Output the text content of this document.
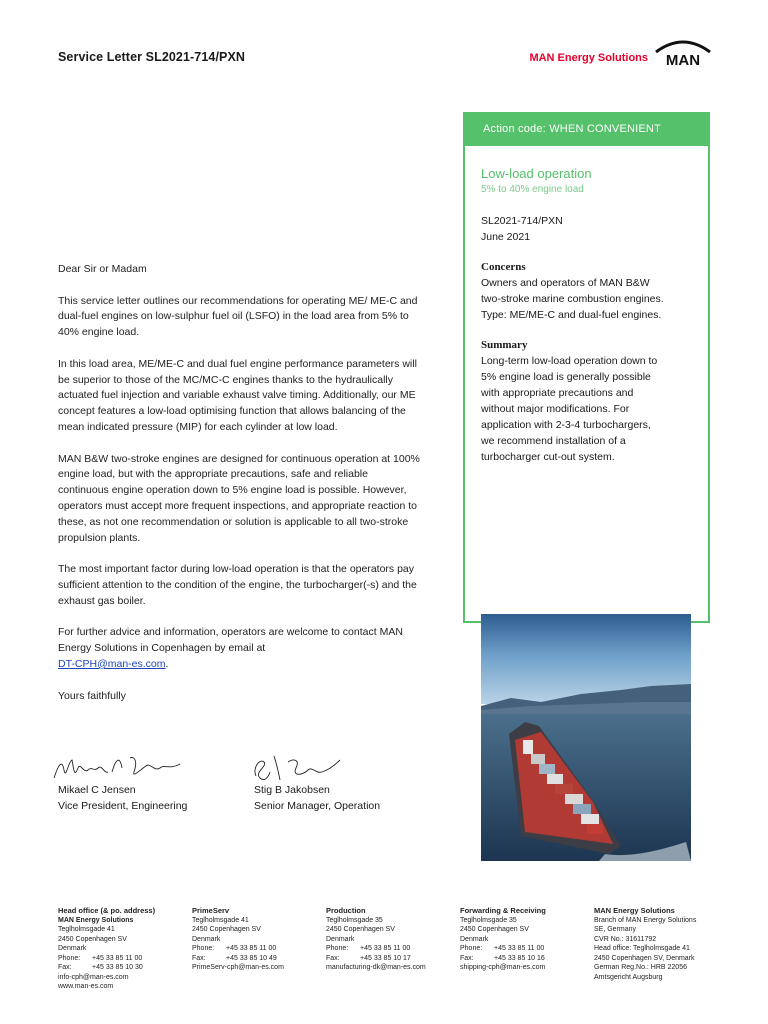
Service Letter SL2021-714/PXN	MAN Energy Solutions MAN
Action code: WHEN CONVENIENT
Low-load operation
5% to 40% engine load
SL2021-714/PXN
June 2021
Concerns
Owners and operators of MAN B&W
two-stroke marine combustion engines.
Type: ME/ME-C and dual-fuel engines.
Summary
Long-term low-load operation down to
5% engine load is generally possible
with appropriate precautions and
without major modifications. For
application with 2-3-4 turbochargers,
we recommend installation of a
turbocharger cut-out system.

Dear Sir or Madam

This service letter outlines our recommendations for operating ME/ ME-C and dual-fuel engines on low-sulphur fuel oil (LSFO) in the load area from 5% to 40% engine load.

In this load area, ME/ME-C and dual fuel engine performance parameters will be superior to those of the MC/MC-C engines thanks to the hydraulically actuated fuel injection and variable exhaust valve timing. Additionally, our ME concept features a low-load optimising function that allows balancing of the mean indicated pressure (MIP) for each cylinder at low load.

MAN B&W two-stroke engines are designed for continuous operation at 100% engine load, but with the appropriate precautions, safe and reliable continuous engine operation down to 5% engine load is possible. However, operators must accept more frequent inspections, and appropriate reaction to these, as not one recommendation or solution is applicable to all two-stroke propulsion plants.

The most important factor during low-load operation is that the operators pay sufficient attention to the condition of the engine, the turbocharger(-s) and the exhaust gas boiler.

For further advice and information, operators are welcome to contact MAN Energy Solutions in Copenhagen by email at
DT-CPH@man-es.com.

Yours faithfully

Mikael C Jensen
Vice President, Engineering
Stig B Jakobsen
Senior Manager, Operation
Head office (& po. address)
MAN Energy Solutions
Teglholmsgade 41
2450 Copenhagen SV
Denmark
Phone:	+45 33 85 11 00
Fax:	+45 33 85 10 30
info-cph@man-es.com
www.man-es.com
PrimeServ
Teglholmsgade 41
2450 Copenhagen SV
Denmark
Phone:	+45 33 85 11 00
Fax:	+45 33 85 10 49
PrimeServ-cph@man-es.com
Production
Teglholmsgade 35
2450 Copenhagen SV
Denmark
Phone:	+45 33 85 11 00
Fax:	+45 33 85 10 17
manufacturing-dk@man-es.com
Forwarding & Receiving
Teglholmsgade 35
2450 Copenhagen SV
Denmark
Phone:	+45 33 85 11 00
Fax:	+45 33 85 10 16
shipping-cph@man-es.com
MAN Energy Solutions
Branch of MAN Energy Solutions
SE, Germany
CVR No.: 31611792
Head office: Teglholmsgade 41
2450 Copenhagen SV, Denmark
German Reg.No.: HRB 22056
Amtsgericht Augsburg
